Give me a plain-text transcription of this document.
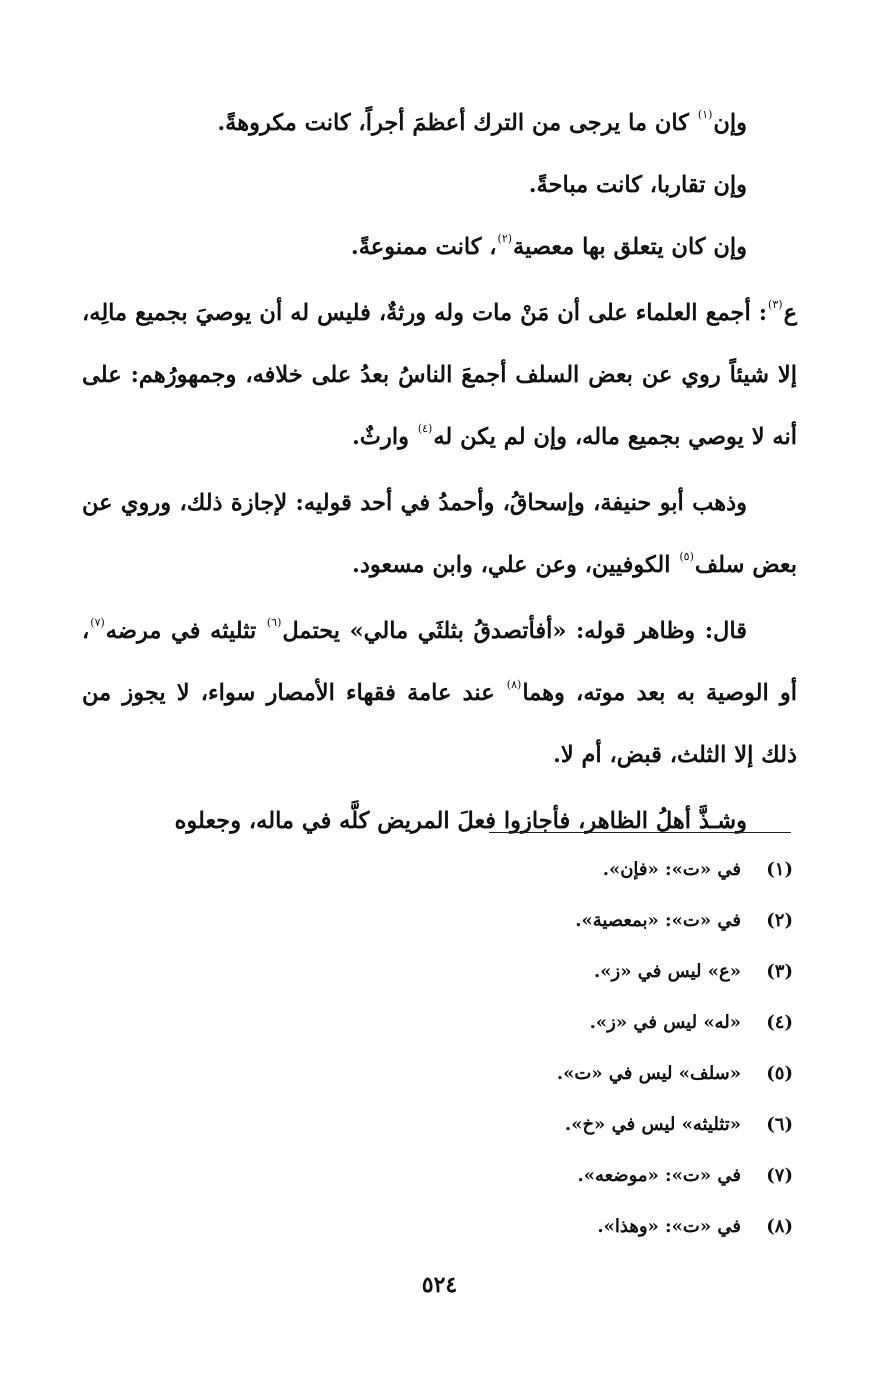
وإن$^{(١)}$ كان ما يرجى من الترك أعظمَ أجراً، كانت مكروهةً.

وإن تقاربا، كانت مباحةً.

وإن كان يتعلق بها معصية$^{(٢)}$، كانت ممنوعةً.

ع$^{(٣)}$: أجمع العلماء على أن مَنْ مات وله ورثةٌ، فليس له أن يوصيَ بجميع مالِه، إلا شيئاً روي عن بعض السلف أجمعَ الناسُ بعدُ على خلافه، وجمهورُهم: على أنه لا يوصي بجميع ماله، وإن لم يكن له$^{(٤)}$ وارثٌ.

وذهب أبو حنيفة، وإسحاقُ، وأحمدُ في أحد قوليه: لإجازة ذلك، وروي عن بعض سلف$^{(٥)}$ الكوفيين، وعن علي، وابن مسعود.

قال: وظاهر قوله: «أفأتصدقُ بثلثَي مالي» يحتمل$^{(٦)}$ تثليثه في مرضه$^{(٧)}$، أو الوصية به بعد موته، وهما$^{(٨)}$ عند عامة فقهاء الأمصار سواء، لا يجوز من ذلك إلا الثلث، قبض، أم لا.

وشـذَّ أهلُ الظاهر، فأجازوا فعلَ المريض كلَّه في ماله، وجعلوه

(١)في «ت»: «فإن».
(٢)في «ت»: «بمعصية».
(٣)«ع» ليس في «ز».
(٤)«له» ليس في «ز».
(٥)«سلف» ليس في «ت».
(٦)«تثليثه» ليس في «خ».
(٧)في «ت»: «موضعه».
(٨)في «ت»: «وهذا».
٥٢٤
